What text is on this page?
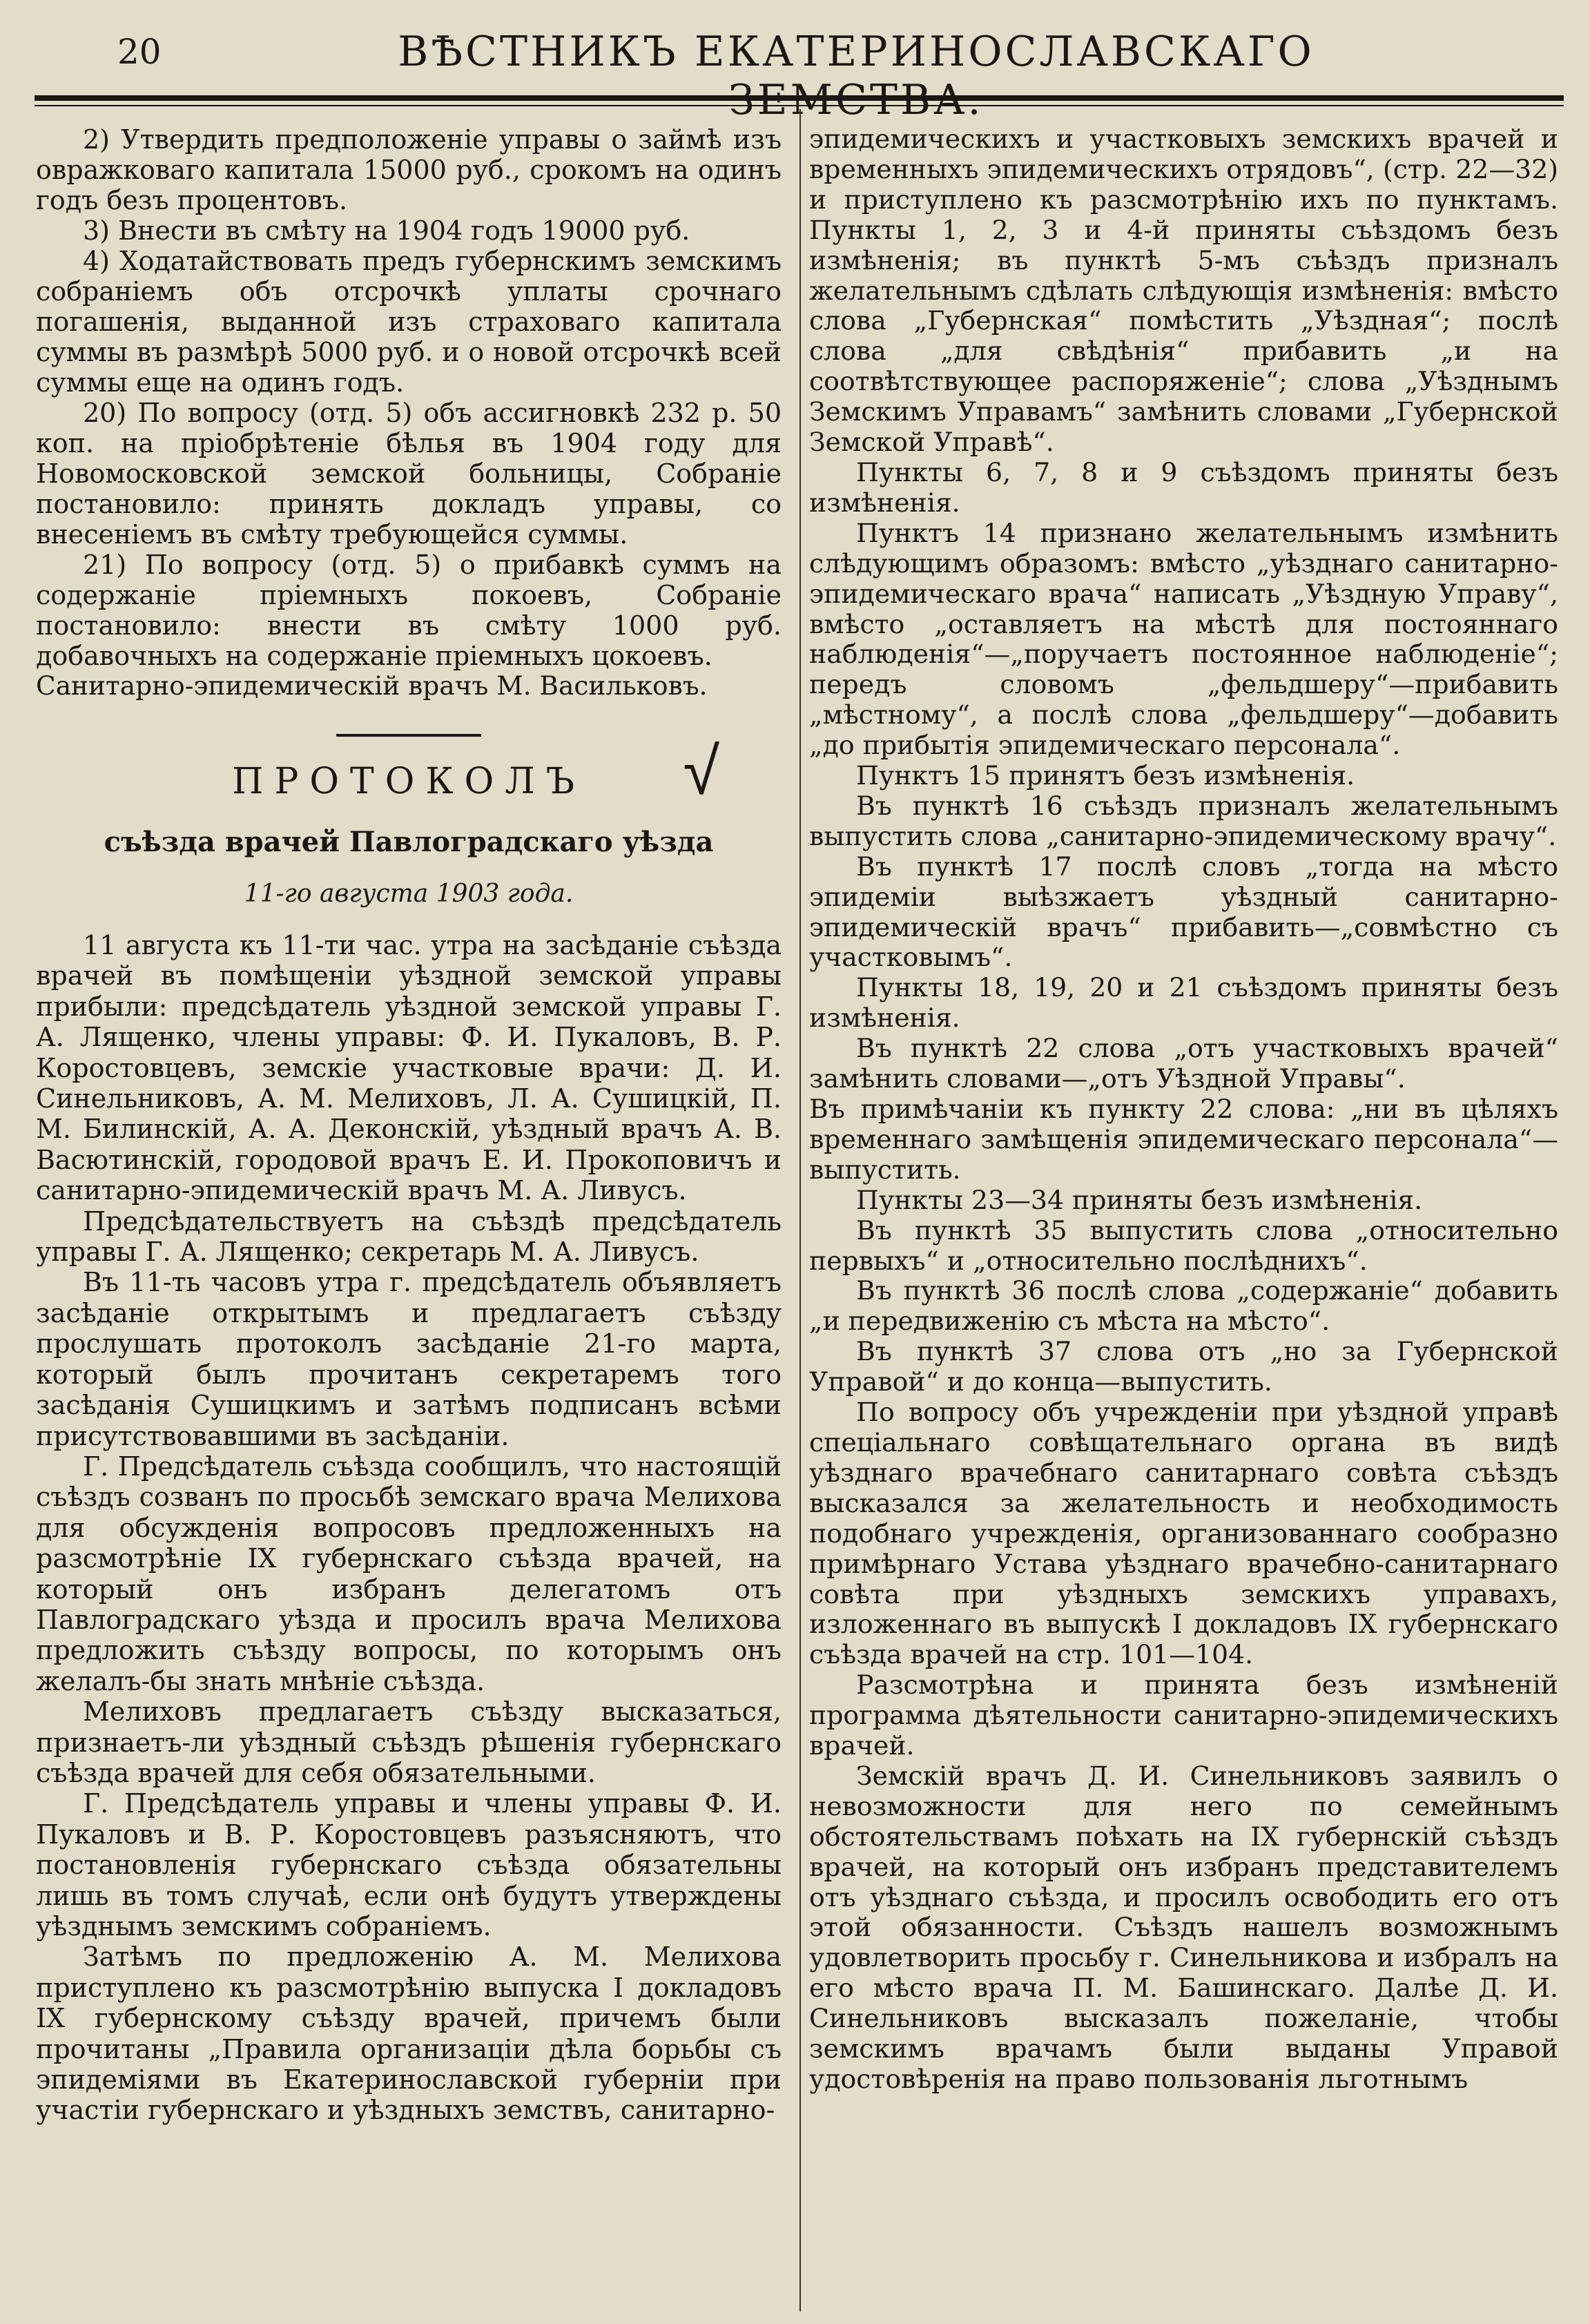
20	ВѢСТНИКЪ ЕКАТЕРИНОСЛАВСКАГО

2) Утвердить предположенiе управы о займѣ изъ овражковаго капитала 15000 руб., срокомъ на одинъ годъ безъ процентовъ.

3) Внести въ смѣту на 1904 годъ 19000 руб.

4) Ходатайствовать предъ губернскимъ земскимъ собранiемъ объ отсрочкѣ уплаты срочнаго погашенiя, выданной изъ страховаго капитала суммы въ размѣрѣ 5000 руб. и о новой отсрочкѣ всей суммы еще на одинъ годъ.

20) По вопросу (отд. 5) объ ассигновкѣ 232 р. 50 коп. на прiобрѣтенiе бѣлья въ 1904 году для Новомосковской земской больницы, Собранiе постановило: принять докладъ управы, со внесенiемъ въ смѣту требующейся суммы.

21) По вопросу (отд. 5) о прибавкѣ суммъ на содержанiе прiемныхъ покоевъ, Собранiе постановило: внести въ смѣту 1000 руб. добавочныхъ на содержанiе прiемныхъ цокоевъ.

Санитарно-эпидемическiй врачъ М. Васильковъ.

ПРОТОКОЛЪ √
съѣзда врачей Павлоградскаго уѣзда
11-го августа 1903 года.

11 августа къ 11-ти час. утра на засѣданiе съѣзда врачей въ помѣщенiи уѣздной земской управы прибыли: предсѣдатель уѣздной земской управы Г. А. Лященко, члены управы: Ф. И. Пукаловъ, В. Р. Коростовцевъ, земскiе участковые врачи: Д. И. Синельниковъ, А. М. Мелиховъ, Л. А. Сушицкiй, П. М. Билинскiй, А. А. Деконскiй, уѣздный врачъ А. В. Васютинскiй, городовой врачъ Е. И. Прокоповичъ и санитарно-эпидемическiй врачъ М. А. Ливусъ.

Предсѣдательствуетъ на съѣздѣ предсѣдатель управы Г. А. Лященко; секретарь М. А. Ливусъ.

Въ 11-ть часовъ утра г. предсѣдатель объявляетъ засѣданiе открытымъ и предлагаетъ съѣзду прослушать протоколъ засѣданiе 21-го марта, который былъ прочитанъ секретаремъ того засѣданiя Сушицкимъ и затѣмъ подписанъ всѣми присутствовавшими въ засѣданiи.

Г. Предсѣдатель съѣзда сообщилъ, что настоящiй съѣздъ созванъ по просьбѣ земскаго врача Мелихова для обсужденiя вопросовъ предложенныхъ на разсмотрѣнiе IX губернскаго съѣзда врачей, на который онъ избранъ делегатомъ отъ Павлоградскаго уѣзда и просилъ врача Мелихова предложить съѣзду вопросы, по которымъ онъ желалъ-бы знать мнѣнiе съѣзда.

Мелиховъ предлагаетъ съѣзду высказаться, признаетъ-ли уѣздный съѣздъ рѣшенiя губернскаго съѣзда врачей для себя обязательными.

Г. Предсѣдатель управы и члены управы Ф. И. Пукаловъ и В. Р. Коростовцевъ разъясняютъ, что постановленiя губернскаго съѣзда обязательны лишь въ томъ случаѣ, если онѣ будутъ утверждены уѣзднымъ земскимъ собранiемъ.

Затѣмъ по предложенiю А. М. Мелихова приступлено къ разсмотрѣнiю выпуска I докладовъ IX губернскому съѣзду врачей, причемъ были прочитаны „Правила организацiи дѣла борьбы съ эпидемiями въ Екатеринославской губернiи при участiи губернскаго и уѣздныхъ земствъ, санитарно-

эпидемическихъ и участковыхъ земскихъ врачей и временныхъ эпидемическихъ отрядовъ“, (стр. 22—32) и приступлено къ разсмотрѣнiю ихъ по пунктамъ. Пункты 1, 2, 3 и 4-й приняты съѣздомъ безъ измѣненiя; въ пунктѣ 5-мъ съѣздъ призналъ желательнымъ сдѣлать слѣдующiя измѣненiя: вмѣсто слова „Губернская“ помѣстить „Уѣздная“; послѣ слова „для свѣдѣнiя“ прибавить „и на соотвѣтствующее распоряженiе“; слова „Уѣзднымъ Земскимъ Управамъ“ замѣнить словами „Губернской Земской Управѣ“.

Пункты 6, 7, 8 и 9 съѣздомъ приняты безъ измѣненiя.

Пунктъ 14 признано желательнымъ измѣнить слѣдующимъ образомъ: вмѣсто „уѣзднаго санитарно-эпидемическаго врача“ написать „Уѣздную Управу“, вмѣсто „оставляетъ на мѣстѣ для постояннаго наблюденiя“—„поручаетъ постоянное наблюденiе“; передъ словомъ „фельдшеру“—прибавить „мѣстному“, а послѣ слова „фельдшеру“—добавить „до прибытiя эпидемическаго персонала“.

Пунктъ 15 принятъ безъ измѣненiя.

Въ пунктѣ 16 съѣздъ призналъ желательнымъ выпустить слова „санитарно-эпидемическому врачу“.

Въ пунктѣ 17 послѣ словъ „тогда на мѣсто эпидемiи выѣзжаетъ уѣздный санитарно-эпидемическiй врачъ“ прибавить—„совмѣстно съ участковымъ“.

Пункты 18, 19, 20 и 21 съѣздомъ приняты безъ измѣненiя.

Въ пунктѣ 22 слова „отъ участковыхъ врачей“ замѣнить словами—„отъ Уѣздной Управы“.

Въ примѣчанiи къ пункту 22 слова: „ни въ цѣляхъ временнаго замѣщенiя эпидемическаго персонала“—выпустить.

Пункты 23—34 приняты безъ измѣненiя.

Въ пунктѣ 35 выпустить слова „относительно первыхъ“ и „относительно послѣднихъ“.

Въ пунктѣ 36 послѣ слова „содержанiе“ добавить „и передвиженiю съ мѣста на мѣсто“.

Въ пунктѣ 37 слова отъ „но за Губернской Управой“ и до конца—выпустить.

По вопросу объ учрежденiи при уѣздной управѣ спецiальнаго совѣщательнаго органа въ видѣ уѣзднаго врачебнаго санитарнаго совѣта съѣздъ высказался за желательность и необходимость подобнаго учрежденiя, организованнаго сообразно примѣрнаго Устава уѣзднаго врачебно-санитарнаго совѣта при уѣздныхъ земскихъ управахъ, изложеннаго въ выпускѣ I докладовъ IX губернскаго съѣзда врачей на стр. 101—104.

Разсмотрѣна и принята безъ измѣненiй программа дѣятельности санитарно-эпидемическихъ врачей.

Земскiй врачъ Д. И. Синельниковъ заявилъ о невозможности для него по семейнымъ обстоятельствамъ поѣхать на IX губернскiй съѣздъ врачей, на который онъ избранъ представителемъ отъ уѣзднаго съѣзда, и просилъ освободить его отъ этой обязанности. Съѣздъ нашелъ возможнымъ удовлетворить просьбу г. Синельникова и избралъ на его мѣсто врача П. М. Башинскаго. Далѣе Д. И. Синельниковъ высказалъ пожеланiе, чтобы земскимъ врачамъ были выданы Управой удостовѣренiя на право пользованiя льготнымъ
